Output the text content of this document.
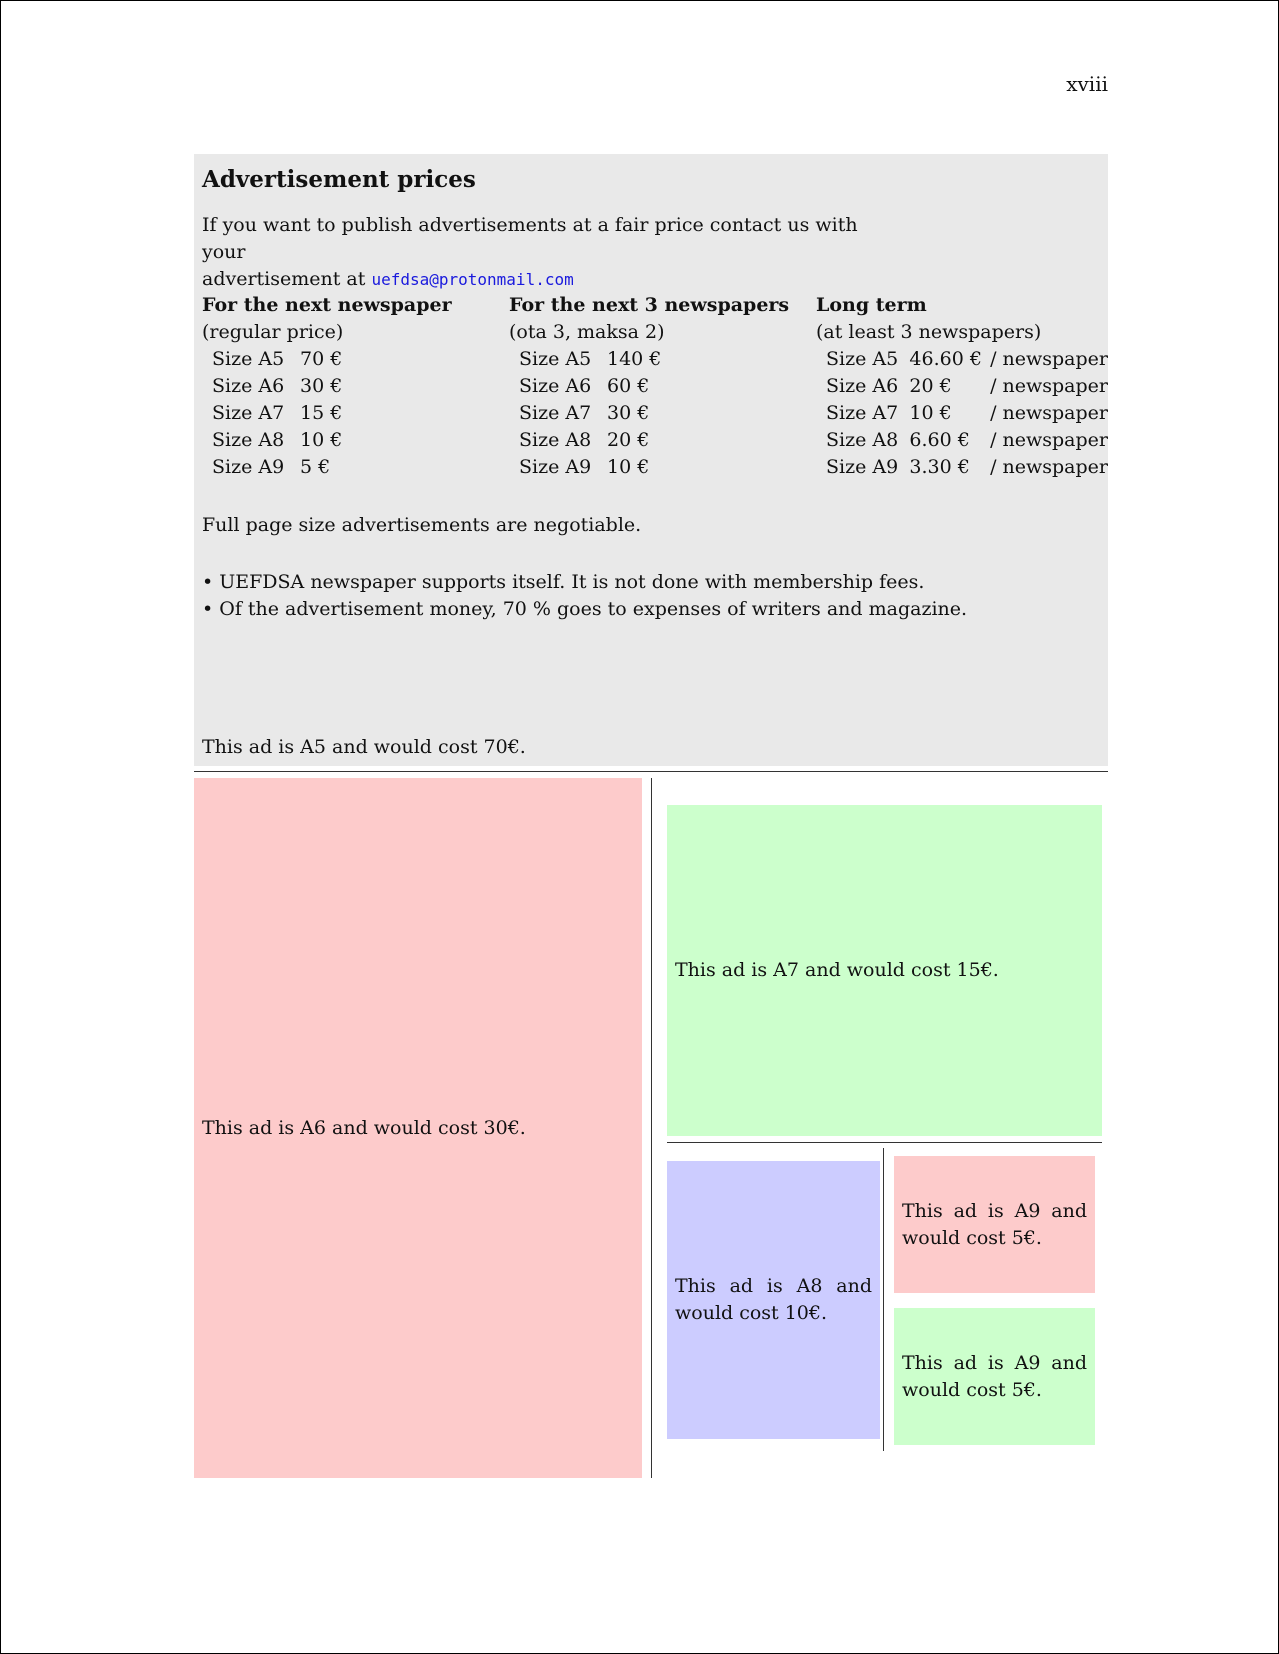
xviii
Advertisement prices
If you want to publish advertisements at a fair price contact us with your
advertisement at uefdsa@protonmail.com
For the next newspaper
(regular price)
Size A5	70 €
Size A6	30 €
Size A7	15 €
Size A8	10 €
Size A9	5 €
For the next 3 newspapers
(ota 3, maksa 2)
Size A5	140 €
Size A6	60 €
Size A7	30 €
Size A8	20 €
Size A9	10 €
Long term
(at least 3 newspapers)
Size A5	46.60 €	/ newspaper
Size A6	20 €	/ newspaper
Size A7	10 €	/ newspaper
Size A8	6.60 €	/ newspaper
Size A9	3.30 €	/ newspaper
Full page size advertisements are negotiable.
• UEFDSA newspaper supports itself. It is not done with membership fees.
• Of the advertisement money, 70 % goes to expenses of writers and magazine.
This ad is A5 and would cost 70€.
This ad is A6 and would cost 30€.
This ad is A7 and would cost 15€.
This ad is A8 and would cost 10€.
This ad is A9 and would cost 5€.
This ad is A9 and would cost 5€.
